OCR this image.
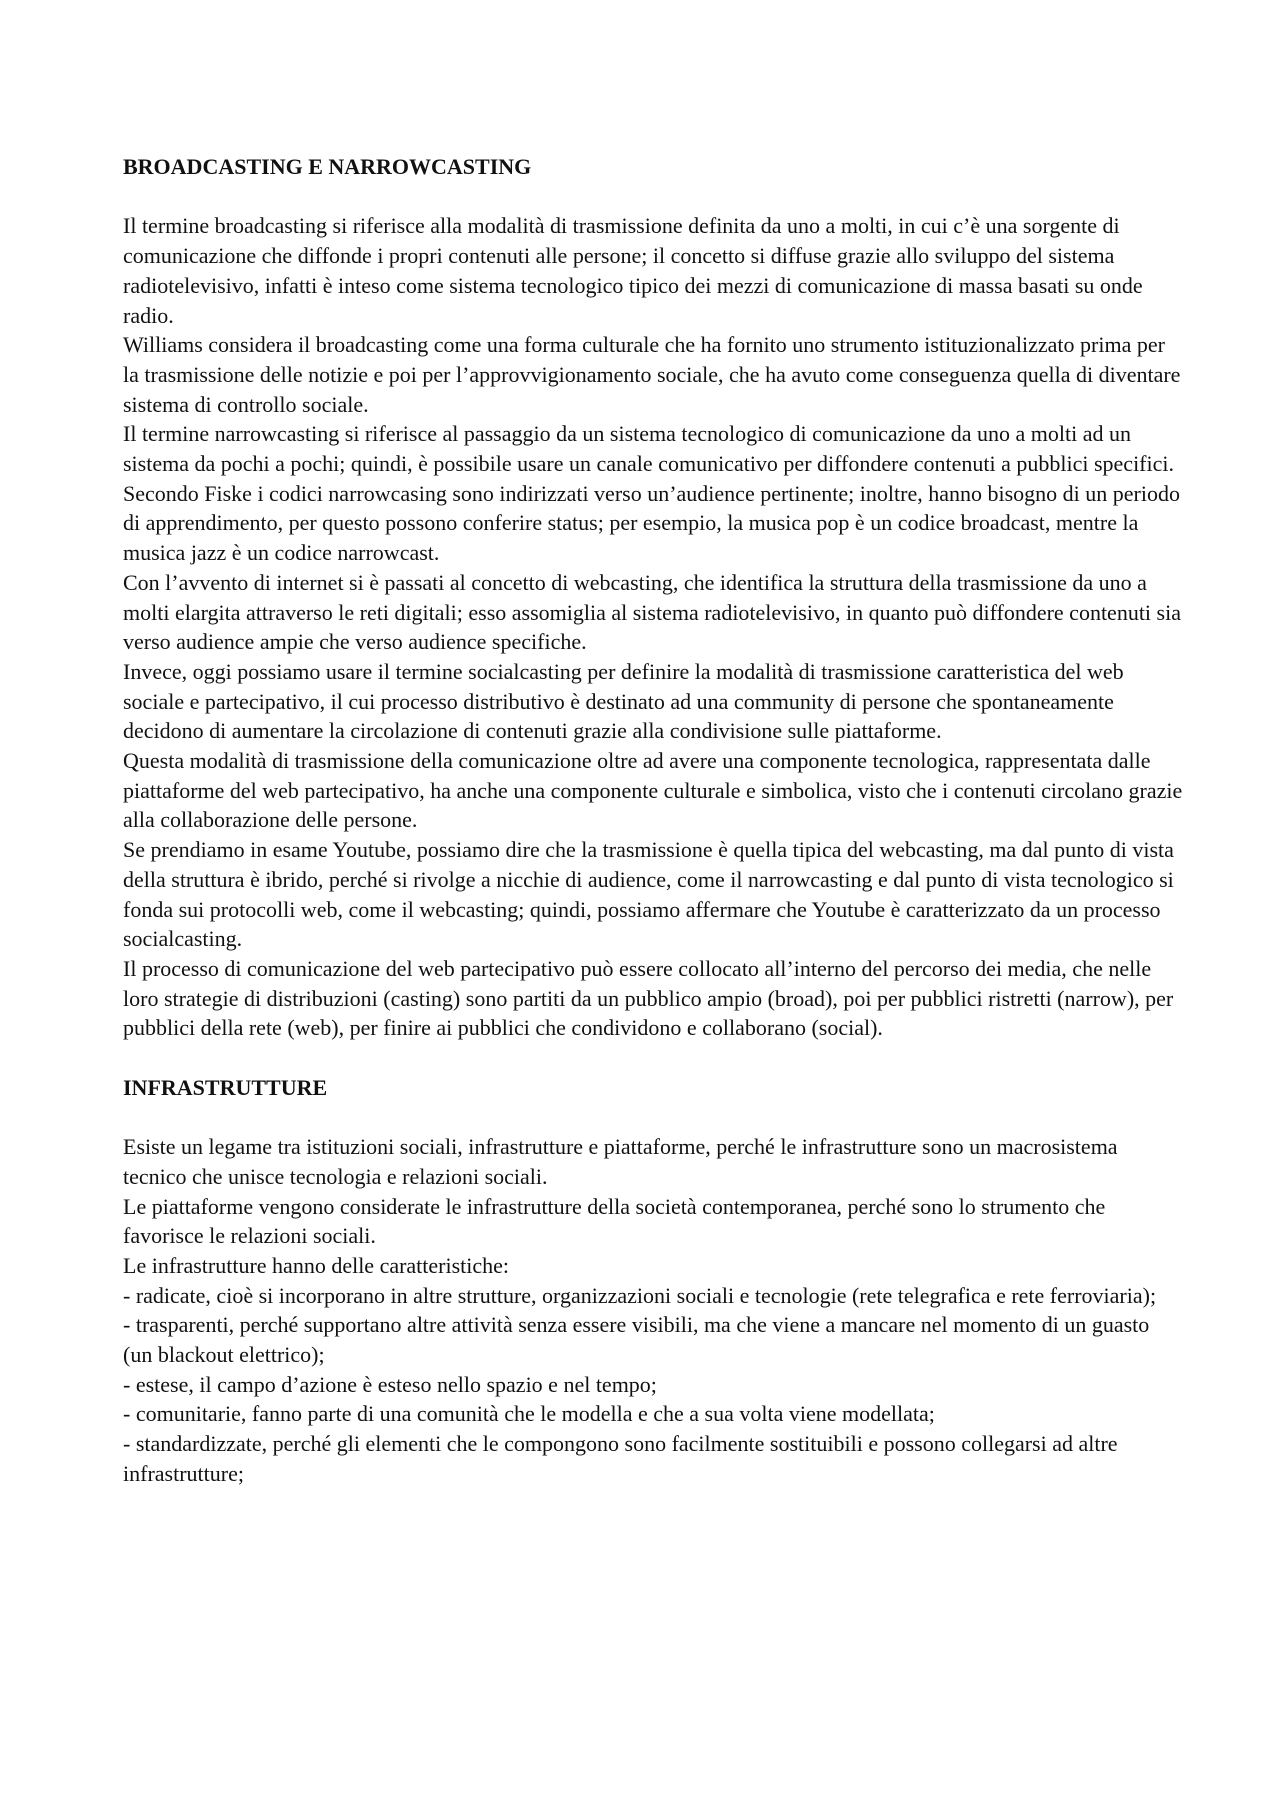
BROADCASTING E NARROWCASTING

Il termine broadcasting si riferisce alla modalità di trasmissione definita da uno a molti, in cui c’è una sorgente di comunicazione che diffonde i propri contenuti alle persone; il concetto si diffuse grazie allo sviluppo del sistema radiotelevisivo, infatti è inteso come sistema tecnologico tipico dei mezzi di comunicazione di massa basati su onde radio.

Williams considera il broadcasting come una forma culturale che ha fornito uno strumento istituzionalizzato prima per la trasmissione delle notizie e poi per l’approvvigionamento sociale, che ha avuto come conseguenza quella di diventare sistema di controllo sociale.

Il termine narrowcasting si riferisce al passaggio da un sistema tecnologico di comunicazione da uno a molti ad un sistema da pochi a pochi; quindi, è possibile usare un canale comunicativo per diffondere contenuti a pubblici specifici.

Secondo Fiske i codici narrowcasing sono indirizzati verso un’audience pertinente; inoltre, hanno bisogno di un periodo di apprendimento, per questo possono conferire status; per esempio, la musica pop è un codice broadcast, mentre la musica jazz è un codice narrowcast.

Con l’avvento di internet si è passati al concetto di webcasting, che identifica la struttura della trasmissione da uno a molti elargita attraverso le reti digitali; esso assomiglia al sistema radiotelevisivo, in quanto può diffondere contenuti sia verso audience ampie che verso audience specifiche.

Invece, oggi possiamo usare il termine socialcasting per definire la modalità di trasmissione caratteristica del web sociale e partecipativo, il cui processo distributivo è destinato ad una community di persone che spontaneamente decidono di aumentare la circolazione di contenuti grazie alla condivisione sulle piattaforme.

Questa modalità di trasmissione della comunicazione oltre ad avere una componente tecnologica, rappresentata dalle piattaforme del web partecipativo, ha anche una componente culturale e simbolica, visto che i contenuti circolano grazie alla collaborazione delle persone.

Se prendiamo in esame Youtube, possiamo dire che la trasmissione è quella tipica del webcasting, ma dal punto di vista della struttura è ibrido, perché si rivolge a nicchie di audience, come il narrowcasting e dal punto di vista tecnologico si fonda sui protocolli web, come il webcasting; quindi, possiamo affermare che Youtube è caratterizzato da un processo socialcasting.

Il processo di comunicazione del web partecipativo può essere collocato all’interno del percorso dei media, che nelle loro strategie di distribuzioni (casting) sono partiti da un pubblico ampio (broad), poi per pubblici ristretti (narrow), per pubblici della rete (web), per finire ai pubblici che condividono e collaborano (social).

INFRASTRUTTURE

Esiste un legame tra istituzioni sociali, infrastrutture e piattaforme, perché le infrastrutture sono un macrosistema tecnico che unisce tecnologia e relazioni sociali.

Le piattaforme vengono considerate le infrastrutture della società contemporanea, perché sono lo strumento che favorisce le relazioni sociali.

Le infrastrutture hanno delle caratteristiche:

- radicate, cioè si incorporano in altre strutture, organizzazioni sociali e tecnologie (rete telegrafica e rete ferroviaria);

- trasparenti, perché supportano altre attività senza essere visibili, ma che viene a mancare nel momento di un guasto (un blackout elettrico);

- estese, il campo d’azione è esteso nello spazio e nel tempo;

- comunitarie, fanno parte di una comunità che le modella e che a sua volta viene modellata;

- standardizzate, perché gli elementi che le compongono sono facilmente sostituibili e possono collegarsi ad altre infrastrutture;
